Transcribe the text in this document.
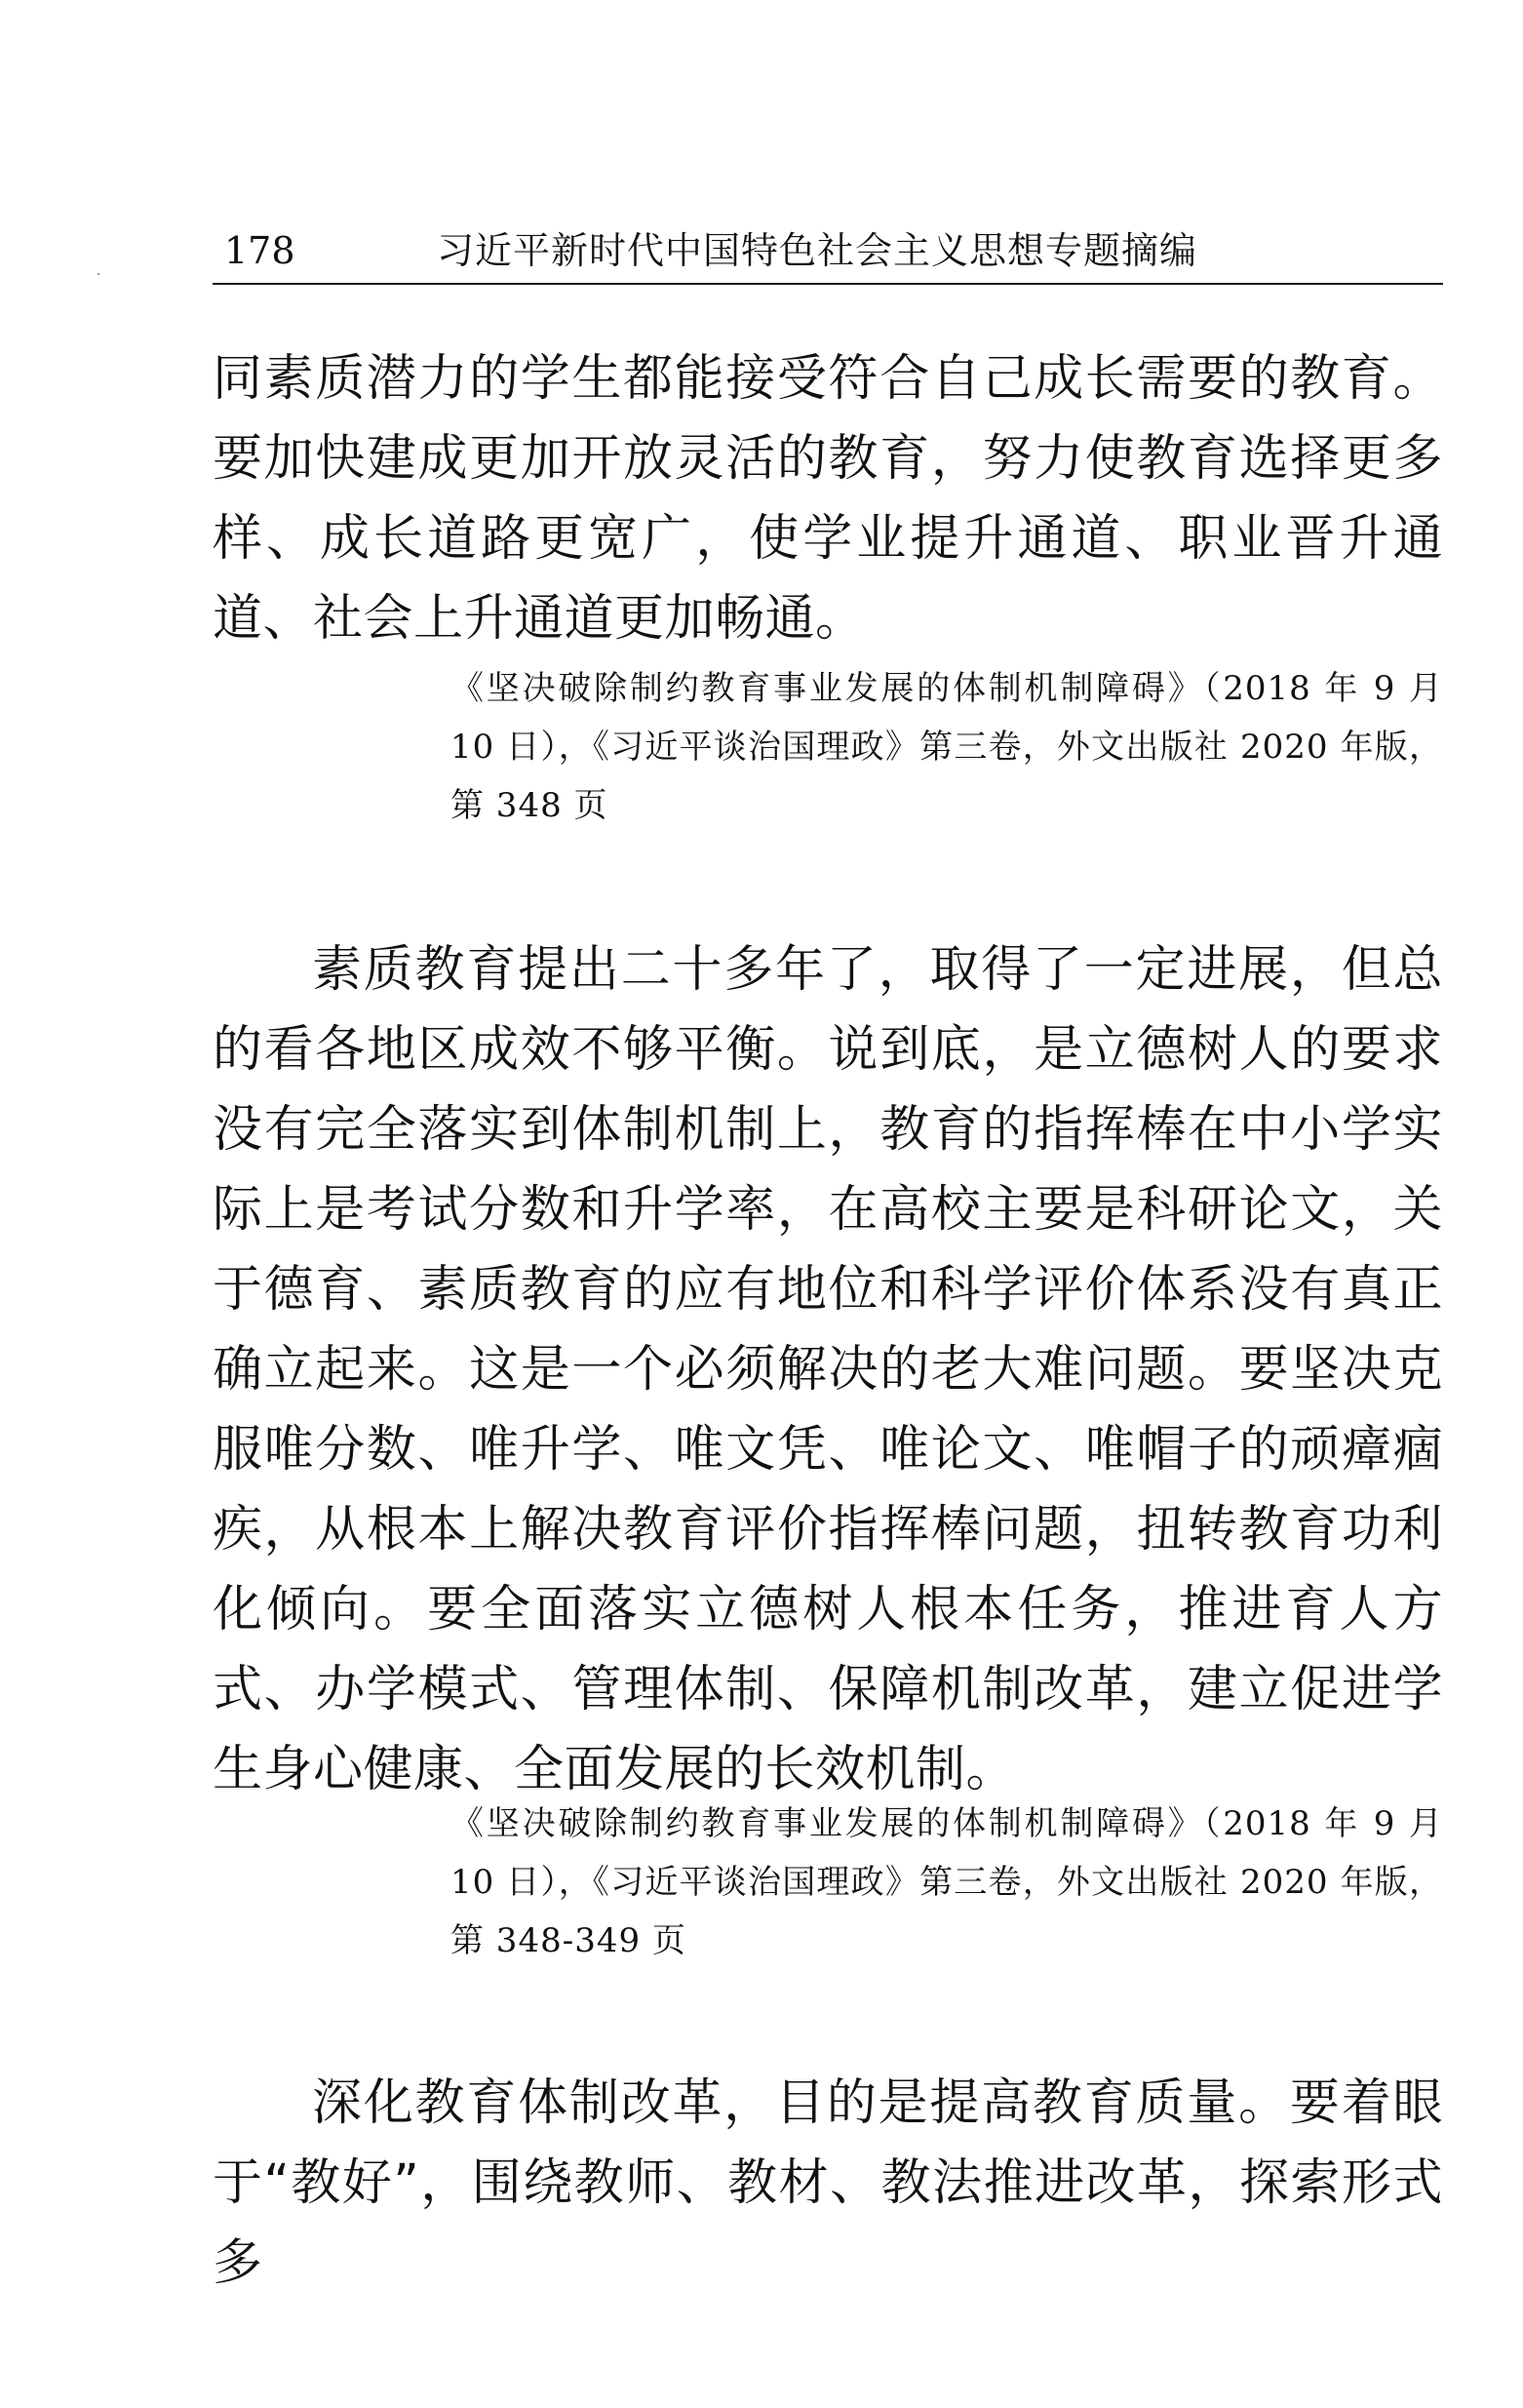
178	习近平新时代中国特色社会主义思想专题摘编

同素质潜力的学生都能接受符合自己成长需要的教育。要加快建成更加开放灵活的教育，努力使教育选择更多样、成长道路更宽广，使学业提升通道、职业晋升通道、社会上升通道更加畅通。

《坚决破除制约教育事业发展的体制机制障碍》（2018 年 9 月 10 日），《习近平谈治国理政》第三卷，外文出版社 2020 年版，第 348 页

素质教育提出二十多年了，取得了一定进展，但总的看各地区成效不够平衡。说到底，是立德树人的要求没有完全落实到体制机制上，教育的指挥棒在中小学实际上是考试分数和升学率，在高校主要是科研论文，关于德育、素质教育的应有地位和科学评价体系没有真正确立起来。这是一个必须解决的老大难问题。要坚决克服唯分数、唯升学、唯文凭、唯论文、唯帽子的顽瘴痼疾，从根本上解决教育评价指挥棒问题，扭转教育功利化倾向。要全面落实立德树人根本任务，推进育人方式、办学模式、管理体制、保障机制改革，建立促进学生身心健康、全面发展的长效机制。

《坚决破除制约教育事业发展的体制机制障碍》（2018 年 9 月 10 日），《习近平谈治国理政》第三卷，外文出版社 2020 年版，第 348-349 页

深化教育体制改革，目的是提高教育质量。要着眼于“教好”，围绕教师、教材、教法推进改革，探索形式多
